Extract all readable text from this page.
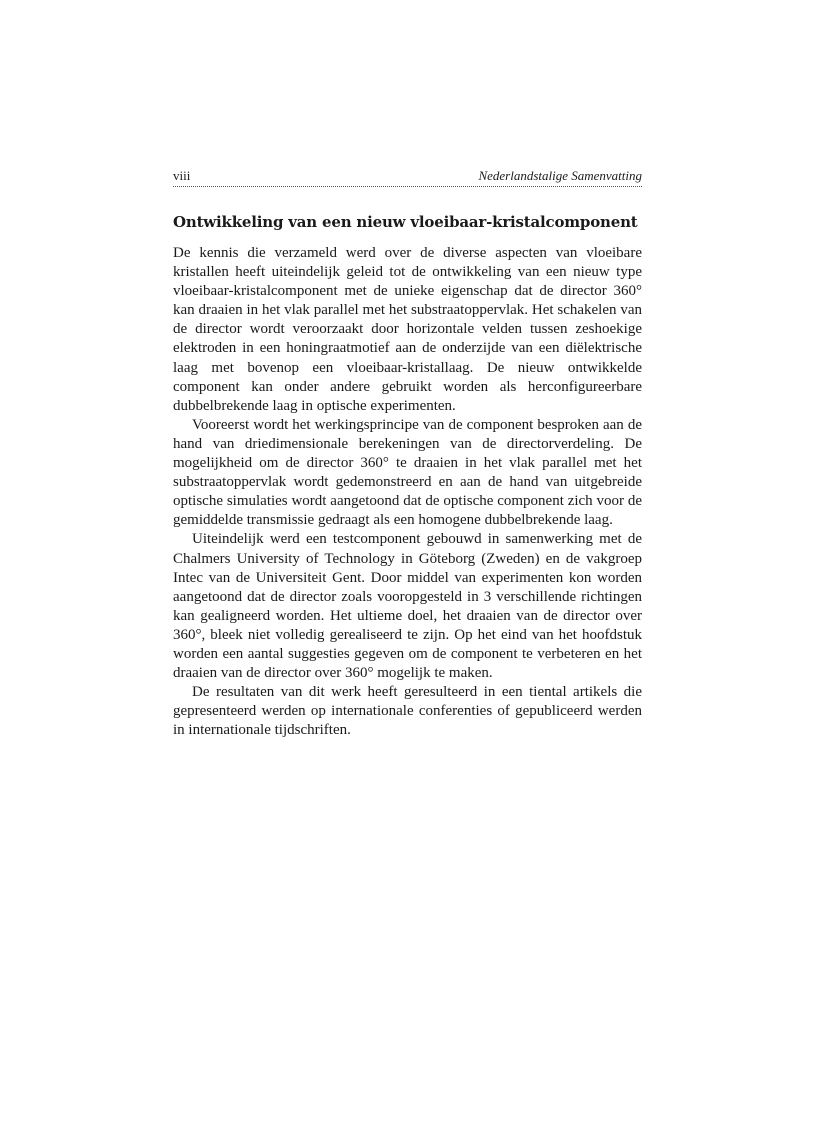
viii	Nederlandstalige Samenvatting
Ontwikkeling van een nieuw vloeibaar-kristalcomponent

De kennis die verzameld werd over de diverse aspecten van vloeibare kristallen heeft uiteindelijk geleid tot de ontwikkeling van een nieuw type vloeibaar-kristalcomponent met de unieke eigenschap dat de director 360° kan draaien in het vlak parallel met het substraatoppervlak. Het schakelen van de director wordt veroorzaakt door horizontale velden tussen zeshoekige elektroden in een honingraatmotief aan de onderzijde van een diëlektrische laag met bovenop een vloeibaar-kristallaag. De nieuw ontwikkelde component kan onder andere gebruikt worden als herconfigureerbare dubbelbrekende laag in optische experimenten.

Vooreerst wordt het werkingsprincipe van de component besproken aan de hand van driedimensionale berekeningen van de directorverdeling. De mogelijkheid om de director 360° te draaien in het vlak parallel met het substraatoppervlak wordt gedemonstreerd en aan de hand van uitgebreide optische simulaties wordt aangetoond dat de optische component zich voor de gemiddelde transmissie gedraagt als een homogene dubbelbrekende laag.

Uiteindelijk werd een testcomponent gebouwd in samenwerking met de Chalmers University of Technology in Göteborg (Zweden) en de vakgroep Intec van de Universiteit Gent. Door middel van experimenten kon worden aangetoond dat de director zoals vooropgesteld in 3 verschillende richtingen kan gealigneerd worden. Het ultieme doel, het draaien van de director over 360°, bleek niet volledig gerealiseerd te zijn. Op het eind van het hoofdstuk worden een aantal suggesties gegeven om de component te verbeteren en het draaien van de director over 360° mogelijk te maken.

De resultaten van dit werk heeft geresulteerd in een tiental artikels die gepresenteerd werden op internationale conferenties of gepubliceerd werden in internationale tijdschriften.
